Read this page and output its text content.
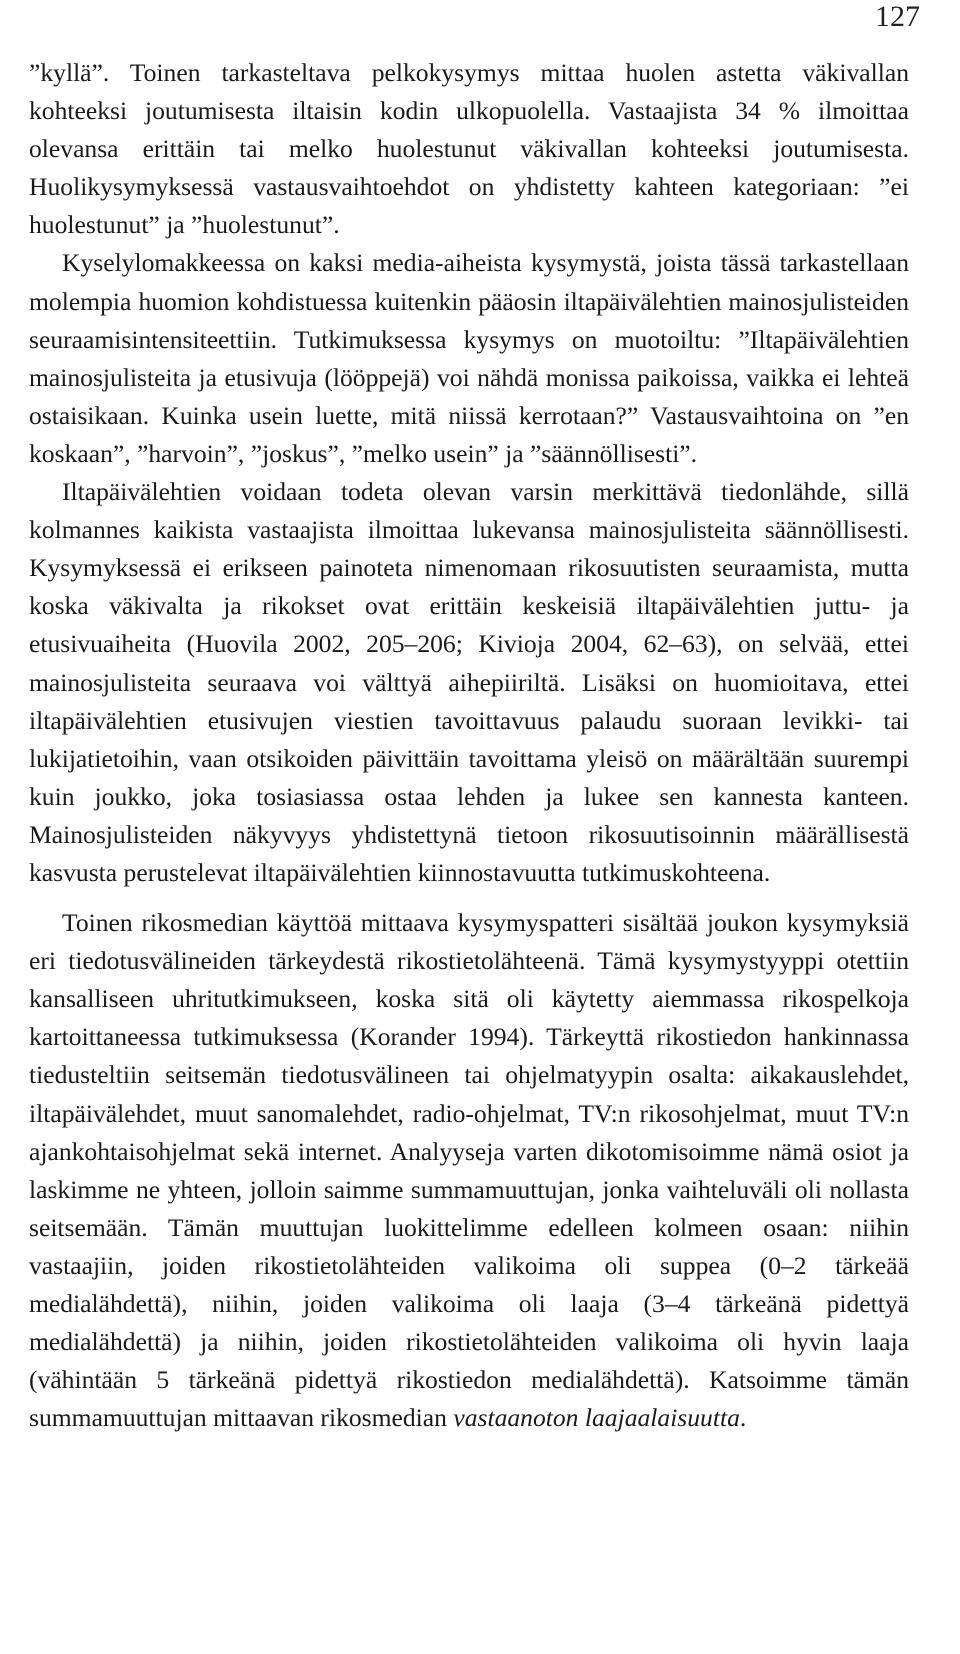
127

”kyllä”. Toinen tarkasteltava pelkokysymys mittaa huolen astetta väkivallan kohteeksi joutumisesta iltaisin kodin ulkopuolella. Vastaajista 34 % ilmoittaa olevansa erittäin tai melko huolestunut väkivallan kohteeksi joutumisesta. Huolikysymyksessä vastausvaihtoehdot on yhdistetty kahteen kategoriaan: ”ei huolestunut” ja ”huolestunut”.

Kyselylomakkeessa on kaksi media-aiheista kysymystä, joista tässä tarkastellaan molempia huomion kohdistuessa kuitenkin pääosin iltapäivälehtien mainosjulisteiden seuraamisintensiteettiin. Tutkimuksessa kysymys on muotoiltu: ”Iltapäivälehtien mainosjulisteita ja etusivuja (lööppejä) voi nähdä monissa paikoissa, vaikka ei lehteä ostaisikaan. Kuinka usein luette, mitä niissä kerrotaan?” Vastausvaihtoina on ”en koskaan”, ”harvoin”, ”joskus”, ”melko usein” ja ”säännöllisesti”.

Iltapäivälehtien voidaan todeta olevan varsin merkittävä tiedonlähde, sillä kolmannes kaikista vastaajista ilmoittaa lukevansa mainosjulisteita säännöllisesti. Kysymyksessä ei erikseen painoteta nimenomaan rikosuutisten seuraamista, mutta koska väkivalta ja rikokset ovat erittäin keskeisiä iltapäivälehtien juttu- ja etusivuaiheita (Huovila 2002, 205–206; Kivioja 2004, 62–63), on selvää, ettei mainosjulisteita seuraava voi välttyä aihepiiriltä. Lisäksi on huomioitava, ettei iltapäivälehtien etusivujen viestien tavoittavuus palaudu suoraan levikki- tai lukijatietoihin, vaan otsikoiden päivittäin tavoittama yleisö on määrältään suurempi kuin joukko, joka tosiasiassa ostaa lehden ja lukee sen kannesta kanteen. Mainosjulisteiden näkyvyys yhdistettynä tietoon rikosuutisoinnin määrällisestä kasvusta perustelevat iltapäivälehtien kiinnostavuutta tutkimuskohteena.

Toinen rikosmedian käyttöä mittaava kysymyspatteri sisältää joukon kysymyksiä eri tiedotusvälineiden tärkeydestä rikostietolähteenä. Tämä kysymystyyppi otettiin kansalliseen uhritutkimukseen, koska sitä oli käytetty aiemmassa rikospelkoja kartoittaneessa tutkimuksessa (Korander 1994). Tärkeyttä rikostiedon hankinnassa tiedusteltiin seitsemän tiedotusvälineen tai ohjelmatyypin osalta: aikakauslehdet, iltapäivälehdet, muut sanomalehdet, radio-ohjelmat, TV:n rikosohjelmat, muut TV:n ajankohtaisohjelmat sekä internet. Analyyseja varten dikotomisoimme nämä osiot ja laskimme ne yhteen, jolloin saimme summamuuttujan, jonka vaihteluväli oli nollasta seitsemään. Tämän muuttujan luokittelimme edelleen kolmeen osaan: niihin vastaajiin, joiden rikostietolähteiden valikoima oli suppea (0–2 tärkeää medialähdettä), niihin, joiden valikoima oli laaja (3–4 tärkeänä pidettyä medialähdettä) ja niihin, joiden rikostietolähteiden valikoima oli hyvin laaja (vähintään 5 tärkeänä pidettyä rikostiedon medialähdettä). Katsoimme tämän summamuuttujan mittaavan rikosmedian vastaanoton laajaalaisuutta.
